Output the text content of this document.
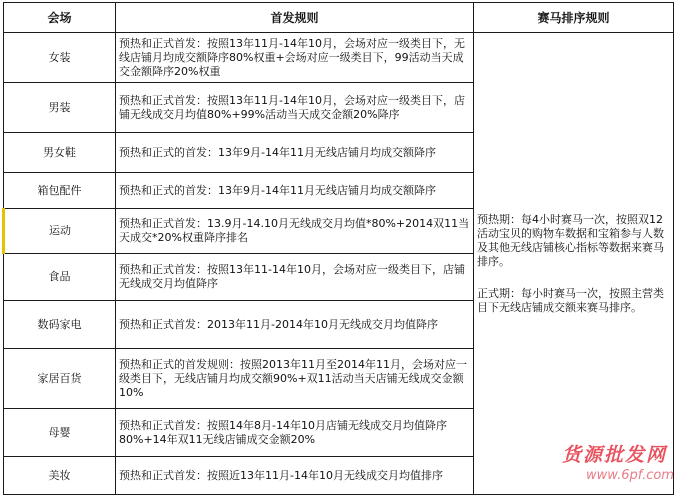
会场	首发规则	赛马排序规则
女装	预热和正式首发：按照13年11月-14年10月，会场对应一级类目下，无线店铺月均成交额降序80%权重+会场对应一级类目下，99活动当天成交金额降序20%权重	预热期：每4小时赛马一次，按照双12活动宝贝的购物车数据和宝箱参与人数及其他无线店铺核心指标等数据来赛马排序。

正式期：每小时赛马一次，按照主营类目下无线店铺成交额来赛马排序。

男装	预热和正式首发：按照13年11月-14年10月，会场对应一级类目下，店铺无线成交月均值80%+99%活动当天成交金额20%降序	
男女鞋	预热和正式的首发：13年9月-14年11月无线店铺月均成交额降序	
箱包配件	预热和正式的首发：13年9月-14年11月无线店铺月均成交额降序	
运动	预热和正式首发：13.9月-14.10月无线成交月均值*80%+2014双11当天成交*20%权重降序排名	
食品	预热和正式首发：按照13年11-14年10月，会场对应一级类目下，店铺无线成交月均值降序	
数码家电	预热和正式首发：2013年11月-2014年10月无线成交月均值降序	
家居百货	预热和正式的首发规则：按照2013年11月至2014年11月，会场对应一级类目下，无线店铺月均成交额90%+双11活动当天店铺无线成交金额10%	
母婴	预热和正式首发：按照14年8月-14年10月店铺无线成交月均值降序80%+14年双11无线店铺成交金额20%	
美妆	预热和正式首发：按照近13年11月-14年10月无线成交月均值排序	
货源批发网
www.6pf.com
